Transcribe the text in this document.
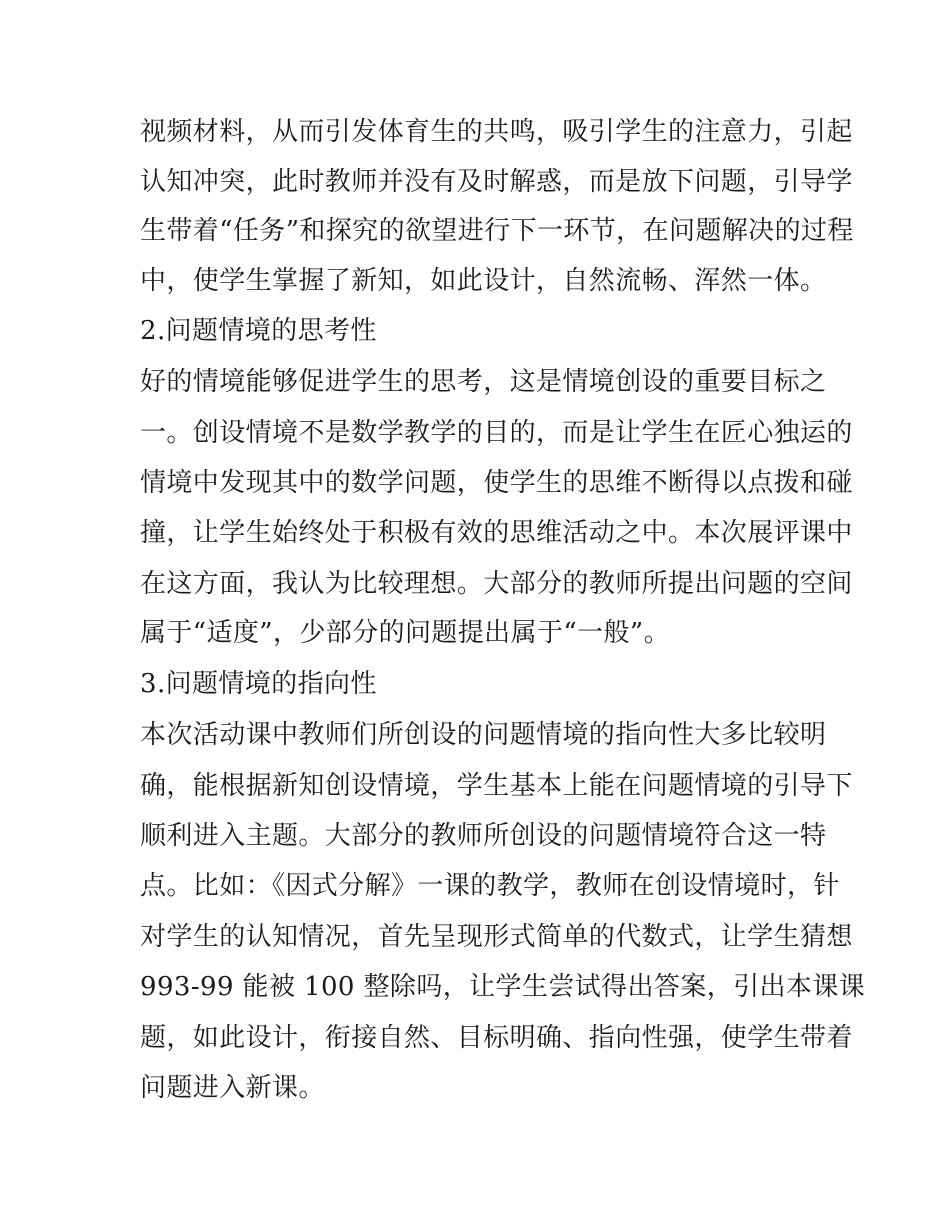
视频材料，从而引发体育生的共鸣，吸引学生的注意力，引起
认知冲突，此时教师并没有及时解惑，而是放下问题，引导学
生带着“任务”和探究的欲望进行下一环节，在问题解决的过程
中，使学生掌握了新知，如此设计，自然流畅、浑然一体。
2.问题情境的思考性
好的情境能够促进学生的思考，这是情境创设的重要目标之
一。创设情境不是数学教学的目的，而是让学生在匠心独运的
情境中发现其中的数学问题，使学生的思维不断得以点拨和碰
撞，让学生始终处于积极有效的思维活动之中。本次展评课中
在这方面，我认为比较理想。大部分的教师所提出问题的空间
属于“适度”，少部分的问题提出属于“一般”。
3.问题情境的指向性
本次活动课中教师们所创设的问题情境的指向性大多比较明
确，能根据新知创设情境，学生基本上能在问题情境的引导下
顺利进入主题。大部分的教师所创设的问题情境符合这一特
点。比如：《因式分解》一课的教学，教师在创设情境时，针
对学生的认知情况，首先呈现形式简单的代数式，让学生猜想
993-99 能被 100 整除吗，让学生尝试得出答案，引出本课课
题，如此设计，衔接自然、目标明确、指向性强，使学生带着
问题进入新课。
